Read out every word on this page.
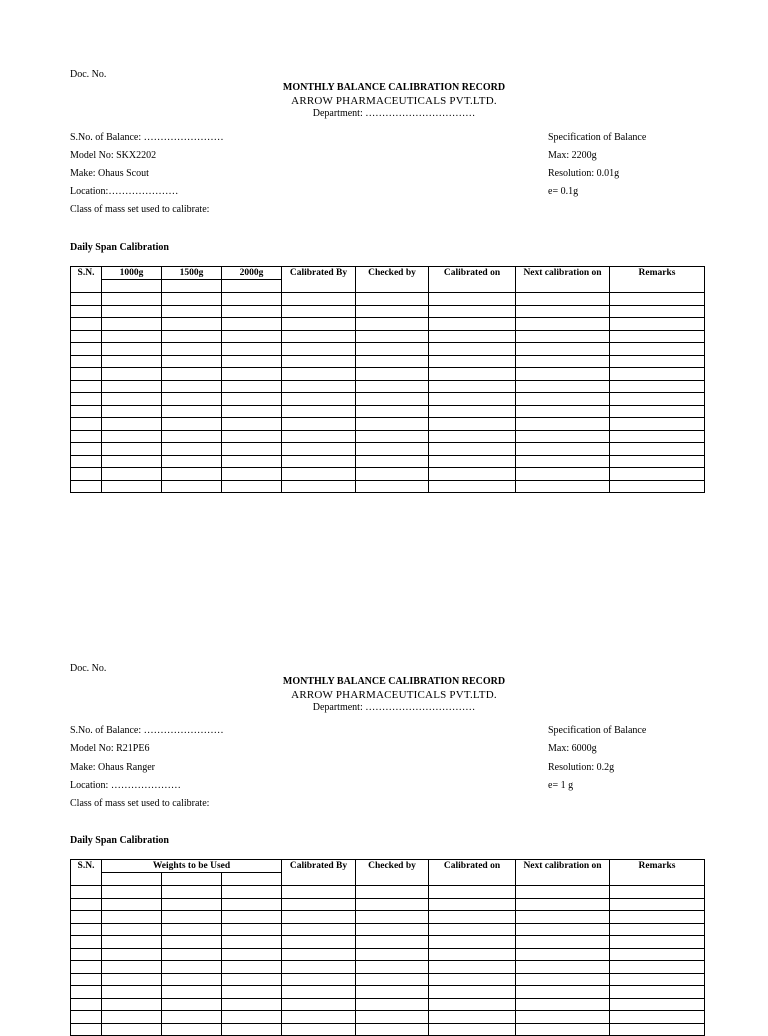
Doc. No.
MONTHLY BALANCE CALIBRATION RECORD
ARROW PHARMACEUTICALS PVT.LTD.
Department: ……………………………
S.No. of Balance: ……………………
Model No: SKX2202
Make: Ohaus Scout
Location:…………………
Class of mass set used to calibrate:
Specification of Balance
Max: 2200g
Resolution: 0.01g
e= 0.1g
Daily Span Calibration
S.N.	1000g	1500g	2000g	Calibrated By	Checked by	Calibrated on	Next calibration on	Remarks

Doc. No.
MONTHLY BALANCE CALIBRATION RECORD
ARROW PHARMACEUTICALS PVT.LTD.
Department: ……………………………
S.No. of Balance: ……………………
Model No: R21PE6
Make: Ohaus Ranger
Location: …………………
Class of mass set used to calibrate:
Specification of Balance
Max: 6000g
Resolution: 0.2g
e= 1 g
Daily Span Calibration
S.N.	Weights to be Used			Calibrated By	Checked by	Calibrated on	Next calibration on	Remarks
